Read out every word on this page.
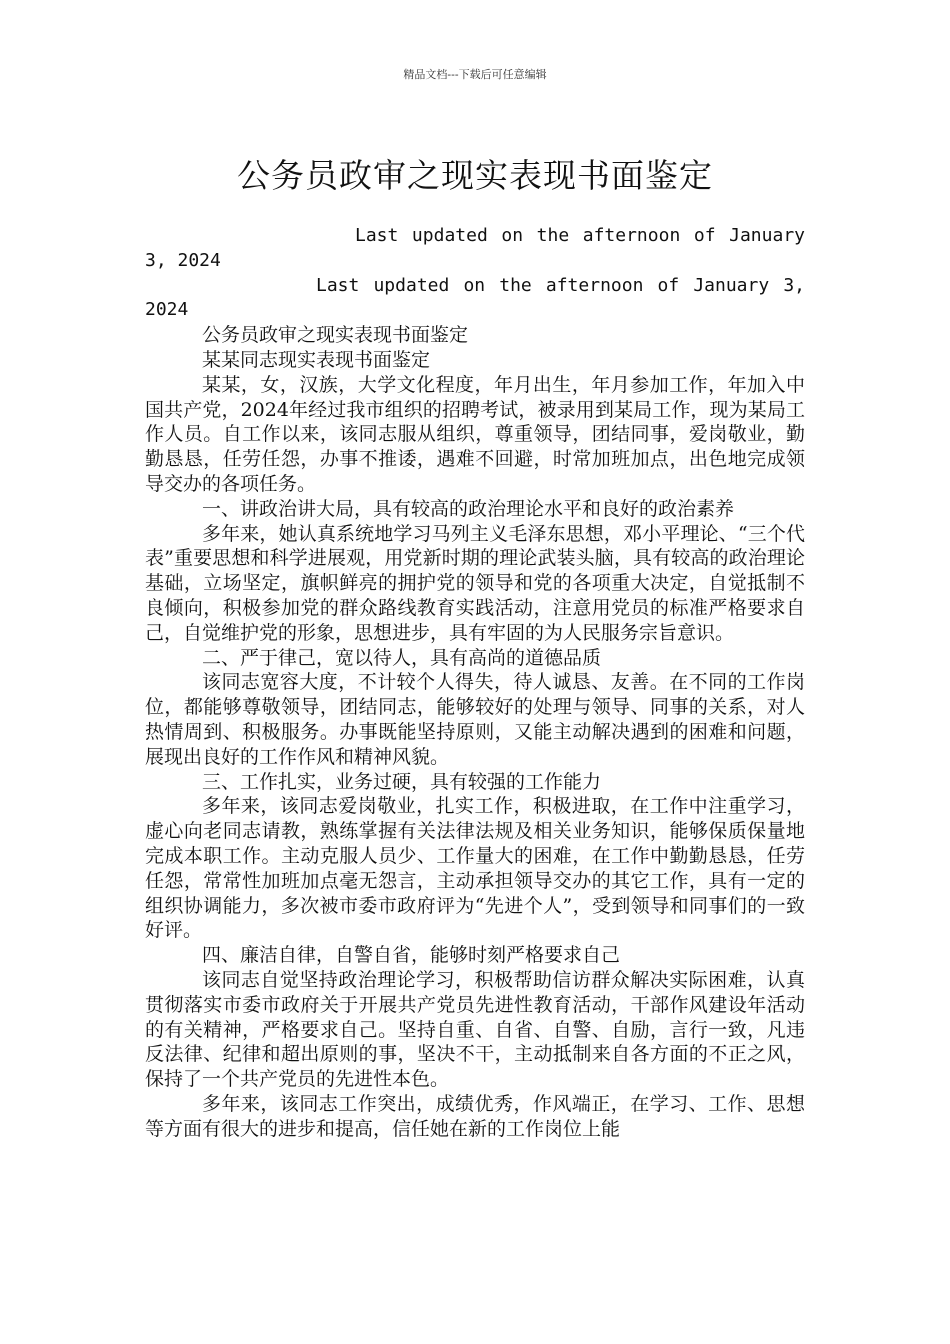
精品文档---下载后可任意编辑
公务员政审之现实表现书面鉴定

Last updated on the afternoon of January 3, 2024

Last updated on the afternoon of January 3, 2024

公务员政审之现实表现书面鉴定

某某同志现实表现书面鉴定

某某，女，汉族，大学文化程度，年月出生，年月参加工作，年加入中国共产党，2024年经过我市组织的招聘考试，被录用到某局工作，现为某局工作人员。自工作以来，该同志服从组织，尊重领导，团结同事，爱岗敬业，勤勤恳恳，任劳任怨，办事不推诿，遇难不回避，时常加班加点，出色地完成领导交办的各项任务。

一、讲政治讲大局，具有较高的政治理论水平和良好的政治素养

多年来，她认真系统地学习马列主义毛泽东思想，邓小平理论、“三个代表”重要思想和科学进展观，用党新时期的理论武装头脑，具有较高的政治理论基础，立场坚定，旗帜鲜亮的拥护党的领导和党的各项重大决定，自觉抵制不良倾向，积极参加党的群众路线教育实践活动，注意用党员的标准严格要求自己，自觉维护党的形象，思想进步，具有牢固的为人民服务宗旨意识。

二、严于律己，宽以待人，具有高尚的道德品质

该同志宽容大度，不计较个人得失，待人诚恳、友善。在不同的工作岗位，都能够尊敬领导，团结同志，能够较好的处理与领导、同事的关系，对人热情周到、积极服务。办事既能坚持原则，又能主动解决遇到的困难和问题，展现出良好的工作作风和精神风貌。

三、工作扎实，业务过硬，具有较强的工作能力

多年来，该同志爱岗敬业，扎实工作，积极进取，在工作中注重学习，虚心向老同志请教，熟练掌握有关法律法规及相关业务知识，能够保质保量地完成本职工作。主动克服人员少、工作量大的困难，在工作中勤勤恳恳，任劳任怨，常常性加班加点毫无怨言，主动承担领导交办的其它工作，具有一定的组织协调能力，多次被市委市政府评为“先进个人”，受到领导和同事们的一致好评。

四、廉洁自律，自警自省，能够时刻严格要求自己

该同志自觉坚持政治理论学习，积极帮助信访群众解决实际困难，认真贯彻落实市委市政府关于开展共产党员先进性教育活动，干部作风建设年活动的有关精神，严格要求自己。坚持自重、自省、自警、自励，言行一致，凡违反法律、纪律和超出原则的事，坚决不干，主动抵制来自各方面的不正之风，保持了一个共产党员的先进性本色。

多年来，该同志工作突出，成绩优秀，作风端正，在学习、工作、思想等方面有很大的进步和提高，信任她在新的工作岗位上能
